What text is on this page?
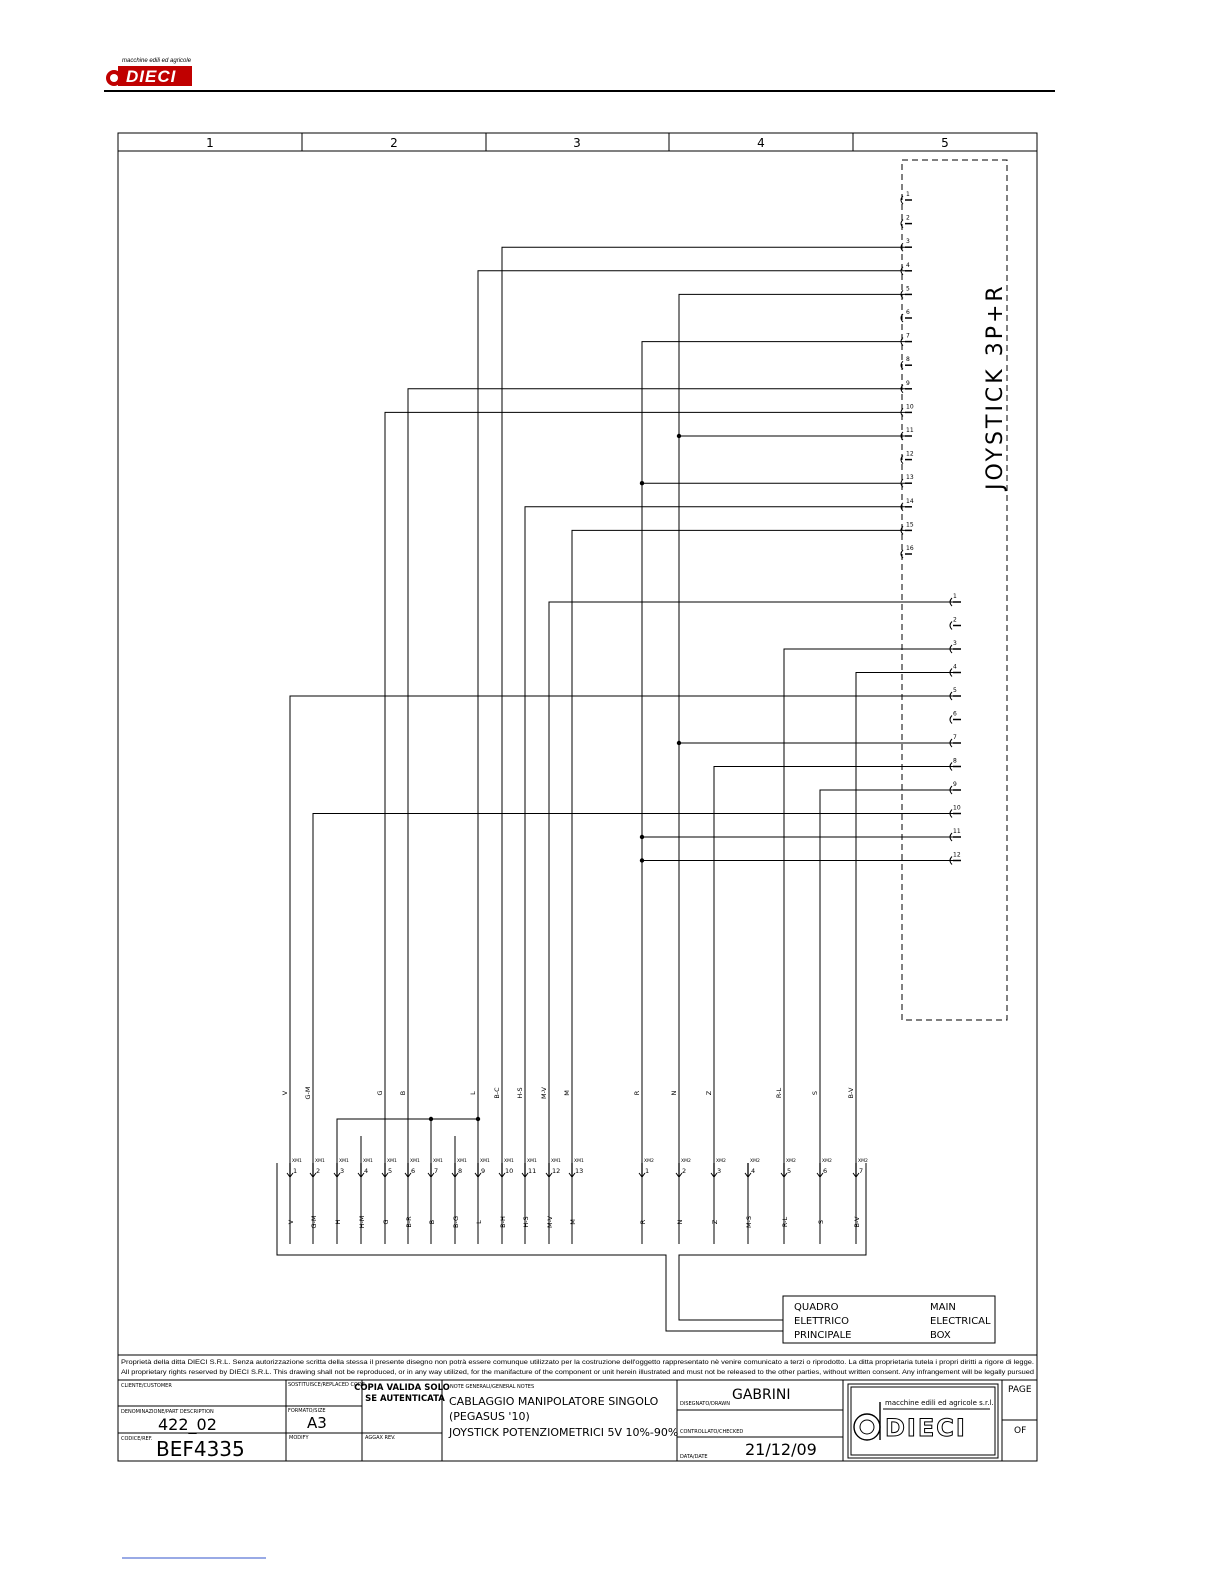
macchine edili ed agricole
DIECI
1	2	3	4	5
JOYSTICK 3P+R
1
2
3
4
5
6
7
8
9
10
11
12
13
14
15
16
1
2
3
4
5
6
7
8
9
10
11
12
V G-M	G B	L B-C H-S M-V M	R	N	Z	R-L	S	B-V
XM1
1
V
XM1
2
G-M
XM1
3
H
XM1
4
H-M
XM1
5
G
XM1
6
B-R
XM1
7
B
XM1
8
B-G
XM1
9
L
XM1
10
B-H
XM1
11
H-S
XM1
12
M-V
XM1
13
M
XM2
1
R
XM2
2
N
XM2
3
Z
XM2
4
M-S
XM2
5
R-L
XM2
6
S
XM2
7
B-V
QUADRO
ELETTRICO
PRINCIPALE
MAIN
ELECTRICAL
BOX
Proprietà della ditta DIECI S.R.L. Senza autorizzazione scritta della stessa il presente disegno non potrà essere comunque utilizzato per la costruzione dell'oggetto rappresentato nè venire comunicato a terzi o riprodotto. La ditta proprietaria tutela i propri diritti a rigore di legge.
All proprietary rights reserved by DIECI S.R.L. This drawing shall not be reproduced, or in any way utilized, for the manifacture of the component or unit herein illustrated and must not be released to the other parties, without written consent. Any infrangement will be legally pursued
CLIENTE/CUSTOMER	SOSTITUISCE/REPLACED CODE
COPIA VALIDA SOLO
SE AUTENTICATA
NOTE GENERALI/GENERAL NOTES
CABLAGGIO MANIPOLATORE SINGOLO
(PEGASUS '10)
JOYSTICK POTENZIOMETRICI 5V 10%-90%
DISEGNATO/DRAWN
GABRINI
CONTROLLATO/CHECKED
DATA/DATE 21/12/09
DENOMINAZIONE/PART DESCRIPTION
422_02
FORMATO/SIZE
A3
CODICE/REF. BEF4335	MODIFY	AGGAX REV.
PAGE
OF
macchine edili ed agricole s.r.l.
DIECI
